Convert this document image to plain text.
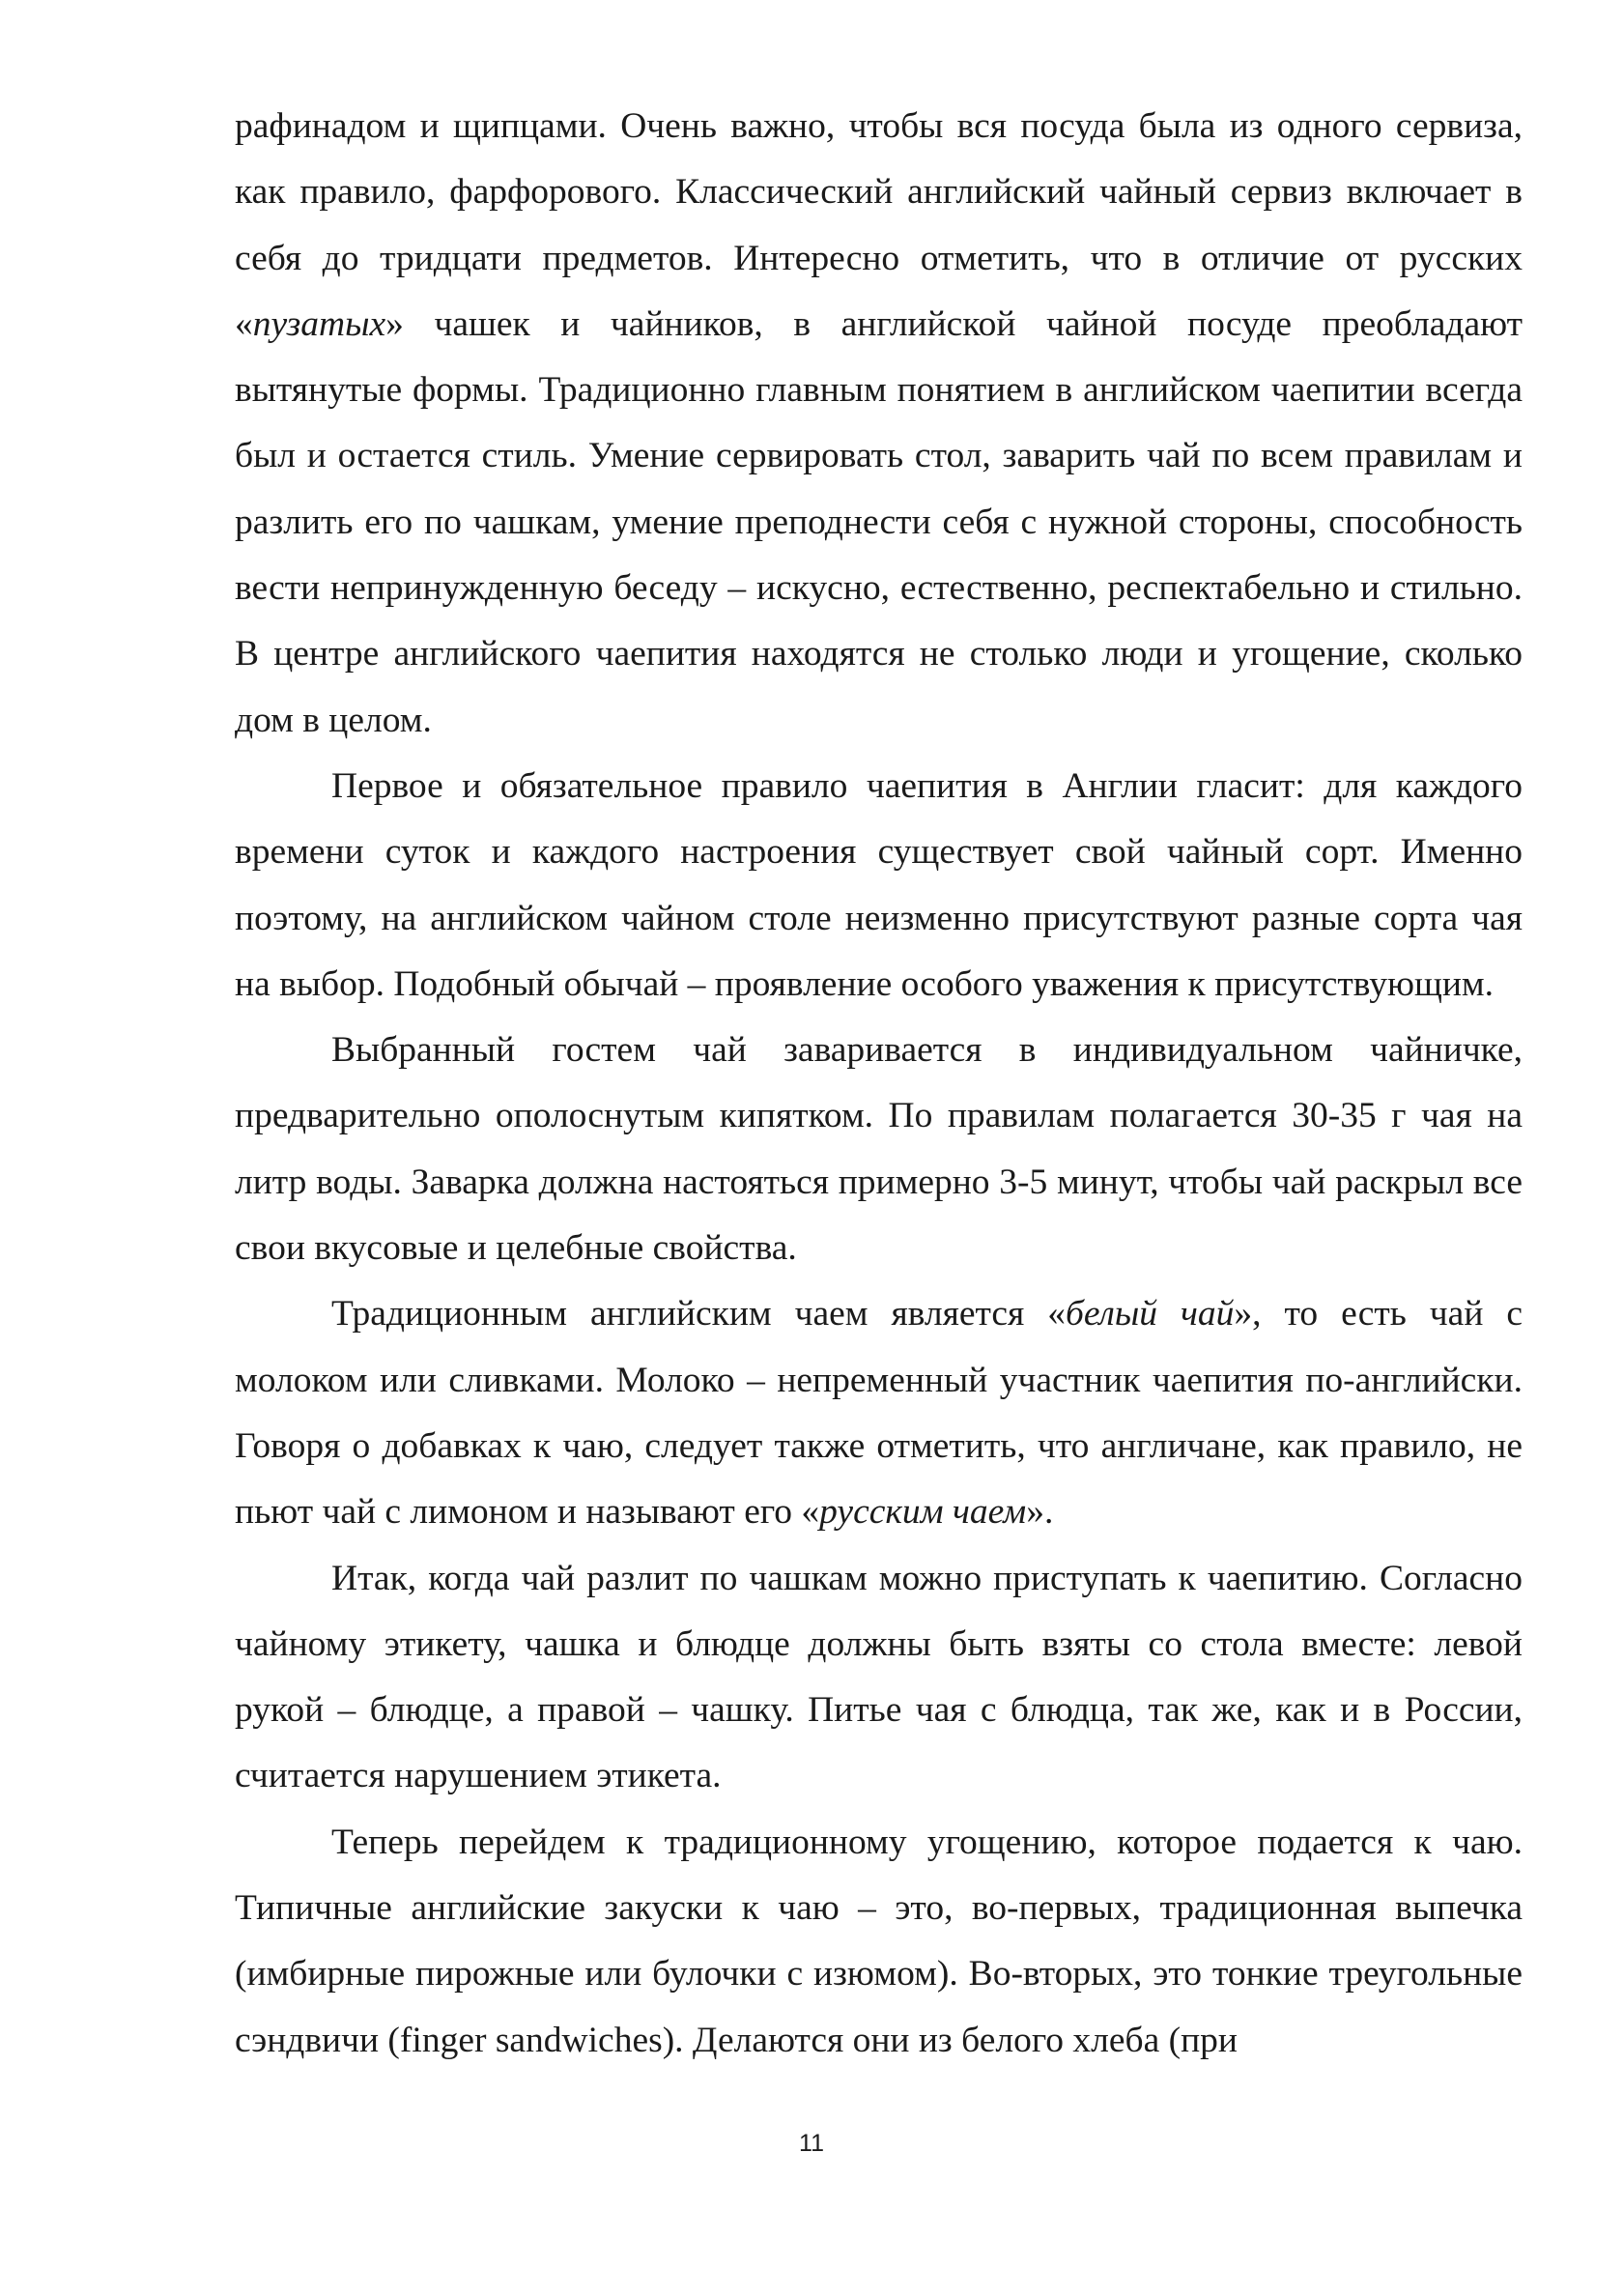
рафинадом и щипцами. Очень важно, чтобы вся посуда была из одного сервиза, как правило, фарфорового. Классический английский чайный сервиз включает в себя до тридцати предметов. Интересно отметить, что в отличие от русских «пузатых» чашек и чайников, в английской чайной посуде преобладают вытянутые формы. Традиционно главным понятием в английском чаепитии всегда был и остается стиль. Умение сервировать стол, заварить чай по всем правилам и разлить его по чашкам, умение преподнести себя с нужной стороны, способность вести непринужденную беседу – искусно, естественно, респектабельно и стильно. В центре английского чаепития находятся не столько люди и угощение, сколько дом в целом.

Первое и обязательное правило чаепития в Англии гласит: для каждого времени суток и каждого настроения существует свой чайный сорт. Именно поэтому, на английском чайном столе неизменно присутствуют разные сорта чая на выбор. Подобный обычай – проявление особого уважения к присутствующим.

Выбранный гостем чай заваривается в индивидуальном чайничке, предварительно ополоснутым кипятком. По правилам полагается 30-35 г чая на литр воды. Заварка должна настояться примерно 3-5 минут, чтобы чай раскрыл все свои вкусовые и целебные свойства.

Традиционным английским чаем является «белый чай», то есть чай с молоком или сливками. Молоко – непременный участник чаепития по-английски. Говоря о добавках к чаю, следует также отметить, что англичане, как правило, не пьют чай с лимоном и называют его «русским чаем».

Итак, когда чай разлит по чашкам можно приступать к чаепитию. Согласно чайному этикету, чашка и блюдце должны быть взяты со стола вместе: левой рукой – блюдце, а правой – чашку. Питье чая с блюдца, так же, как и в России, считается нарушением этикета.

Теперь перейдем к традиционному угощению, которое подается к чаю. Типичные английские закуски к чаю – это, во-первых, традиционная выпечка (имбирные пирожные или булочки с изюмом). Во-вторых, это тонкие треугольные сэндвичи (finger sandwiches). Делаются они из белого хлеба (при

11
